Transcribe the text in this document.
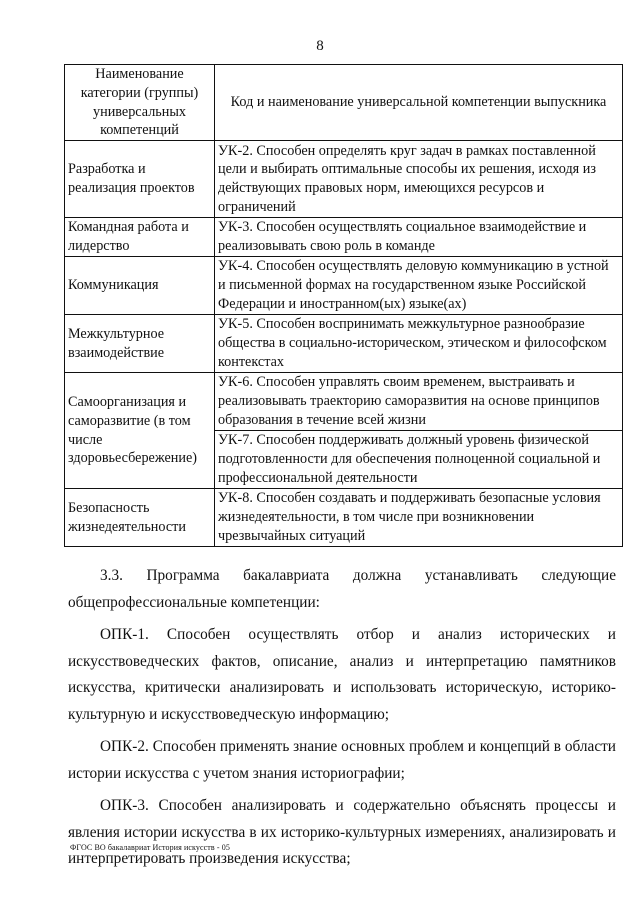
8
Наименование категории (группы) универсальных компетенций	Код и наименование универсальной компетенции выпускника
Разработка и реализация проектов	УК-2. Способен определять круг задач в рамках поставленной цели и выбирать оптимальные способы их решения, исходя из действующих правовых норм, имеющихся ресурсов и ограничений
Командная работа и лидерство	УК-3. Способен осуществлять социальное взаимодействие и реализовывать свою роль в команде
Коммуникация	УК-4. Способен осуществлять деловую коммуникацию в устной и письменной формах на государственном языке Российской Федерации и иностранном(ых) языке(ах)
Межкультурное взаимодействие	УК-5. Способен воспринимать межкультурное разнообразие общества в социально-историческом, этическом и философском контекстах
Самоорганизация и саморазвитие (в том числе здоровьесбережение)	УК-6. Способен управлять своим временем, выстраивать и реализовывать траекторию саморазвития на основе принципов образования в течение всей жизни
	УК-7. Способен поддерживать должный уровень физической подготовленности для обеспечения полноценной социальной и профессиональной деятельности
Безопасность жизнедеятельности	УК-8. Способен создавать и поддерживать безопасные условия жизнедеятельности, в том числе при возникновении чрезвычайных ситуаций

3.3. Программа бакалавриата должна устанавливать следующие общепрофессиональные компетенции:

ОПК-1. Способен осуществлять отбор и анализ исторических и искусствоведческих фактов, описание, анализ и интерпретацию памятников искусства, критически анализировать и использовать историческую, историко-культурную и искусствоведческую информацию;

ОПК-2. Способен применять знание основных проблем и концепций в области истории искусства с учетом знания историографии;

ОПК-3. Способен анализировать и содержательно объяснять процессы и явления истории искусства в их историко-культурных измерениях, анализировать и интерпретировать произведения искусства;

ФГОС ВО бакалавриат История искусств - 05
